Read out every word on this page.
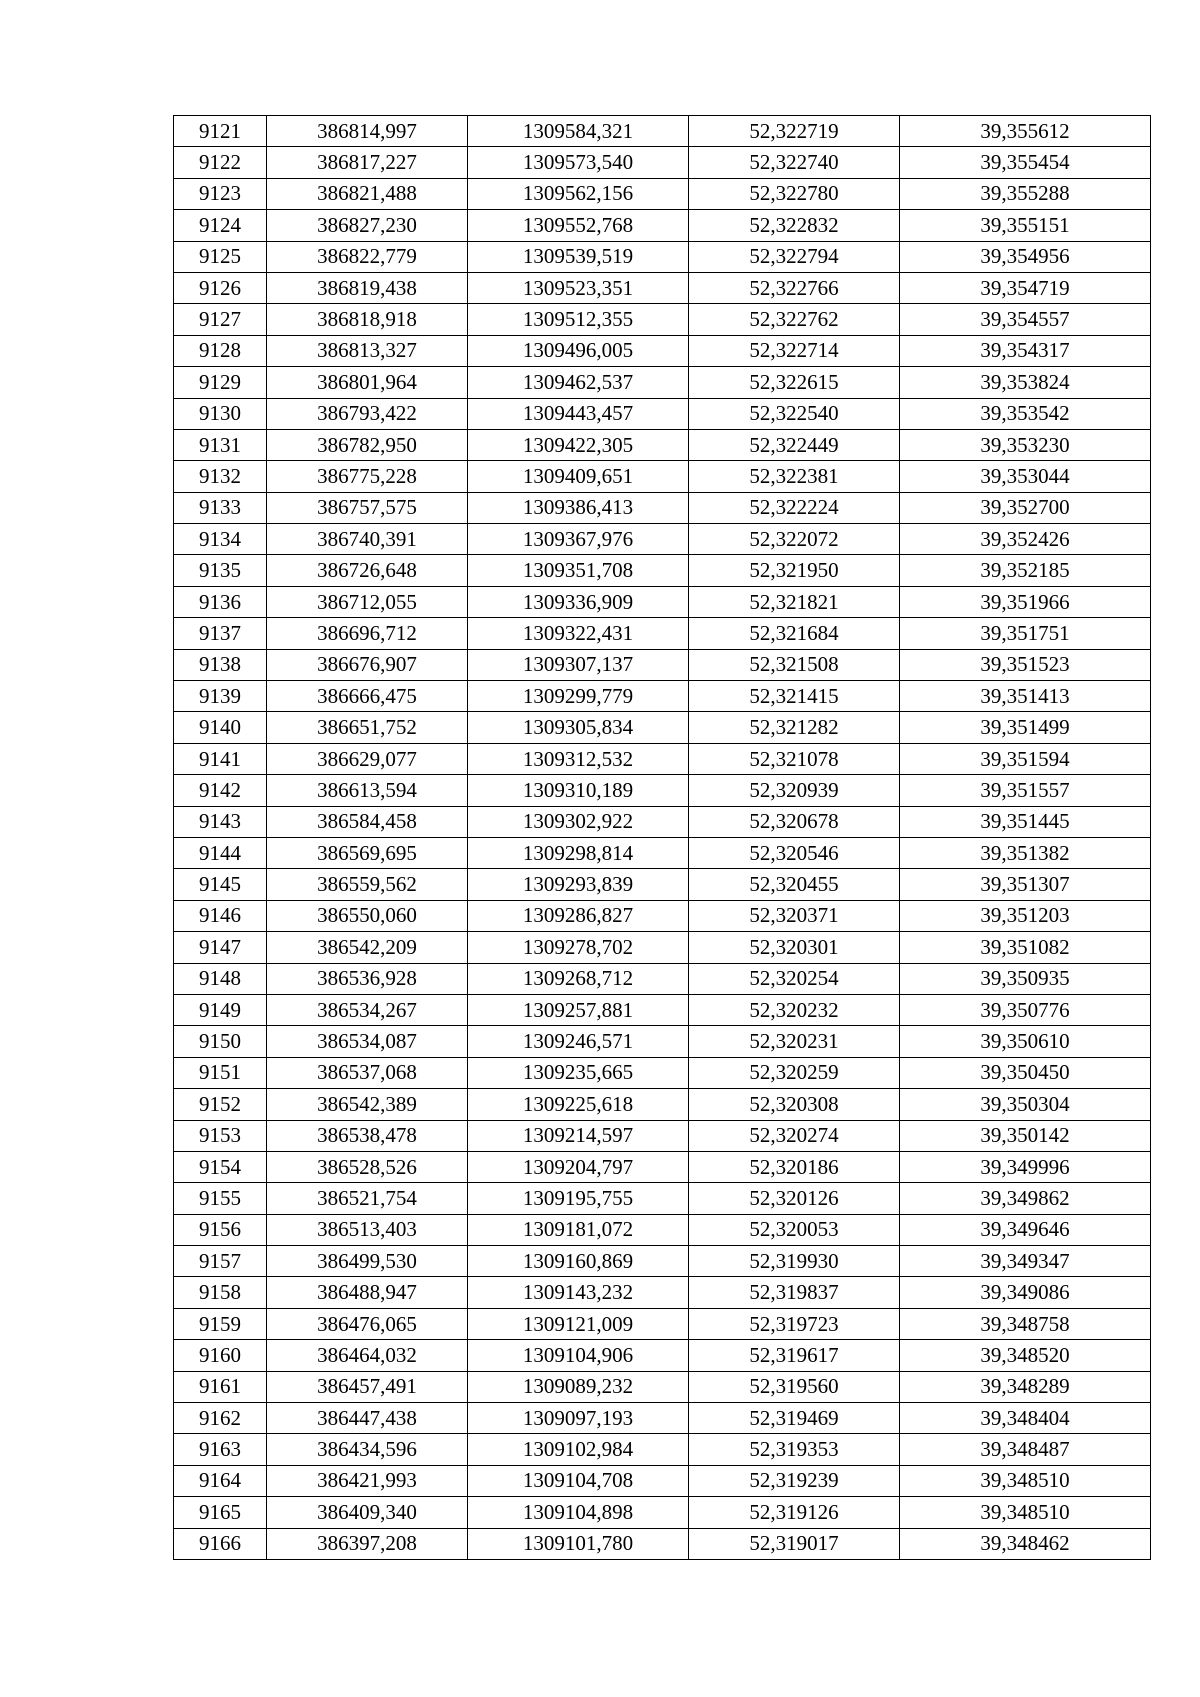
9121	386814,997	1309584,321	52,322719	39,355612
9122	386817,227	1309573,540	52,322740	39,355454
9123	386821,488	1309562,156	52,322780	39,355288
9124	386827,230	1309552,768	52,322832	39,355151
9125	386822,779	1309539,519	52,322794	39,354956
9126	386819,438	1309523,351	52,322766	39,354719
9127	386818,918	1309512,355	52,322762	39,354557
9128	386813,327	1309496,005	52,322714	39,354317
9129	386801,964	1309462,537	52,322615	39,353824
9130	386793,422	1309443,457	52,322540	39,353542
9131	386782,950	1309422,305	52,322449	39,353230
9132	386775,228	1309409,651	52,322381	39,353044
9133	386757,575	1309386,413	52,322224	39,352700
9134	386740,391	1309367,976	52,322072	39,352426
9135	386726,648	1309351,708	52,321950	39,352185
9136	386712,055	1309336,909	52,321821	39,351966
9137	386696,712	1309322,431	52,321684	39,351751
9138	386676,907	1309307,137	52,321508	39,351523
9139	386666,475	1309299,779	52,321415	39,351413
9140	386651,752	1309305,834	52,321282	39,351499
9141	386629,077	1309312,532	52,321078	39,351594
9142	386613,594	1309310,189	52,320939	39,351557
9143	386584,458	1309302,922	52,320678	39,351445
9144	386569,695	1309298,814	52,320546	39,351382
9145	386559,562	1309293,839	52,320455	39,351307
9146	386550,060	1309286,827	52,320371	39,351203
9147	386542,209	1309278,702	52,320301	39,351082
9148	386536,928	1309268,712	52,320254	39,350935
9149	386534,267	1309257,881	52,320232	39,350776
9150	386534,087	1309246,571	52,320231	39,350610
9151	386537,068	1309235,665	52,320259	39,350450
9152	386542,389	1309225,618	52,320308	39,350304
9153	386538,478	1309214,597	52,320274	39,350142
9154	386528,526	1309204,797	52,320186	39,349996
9155	386521,754	1309195,755	52,320126	39,349862
9156	386513,403	1309181,072	52,320053	39,349646
9157	386499,530	1309160,869	52,319930	39,349347
9158	386488,947	1309143,232	52,319837	39,349086
9159	386476,065	1309121,009	52,319723	39,348758
9160	386464,032	1309104,906	52,319617	39,348520
9161	386457,491	1309089,232	52,319560	39,348289
9162	386447,438	1309097,193	52,319469	39,348404
9163	386434,596	1309102,984	52,319353	39,348487
9164	386421,993	1309104,708	52,319239	39,348510
9165	386409,340	1309104,898	52,319126	39,348510
9166	386397,208	1309101,780	52,319017	39,348462
